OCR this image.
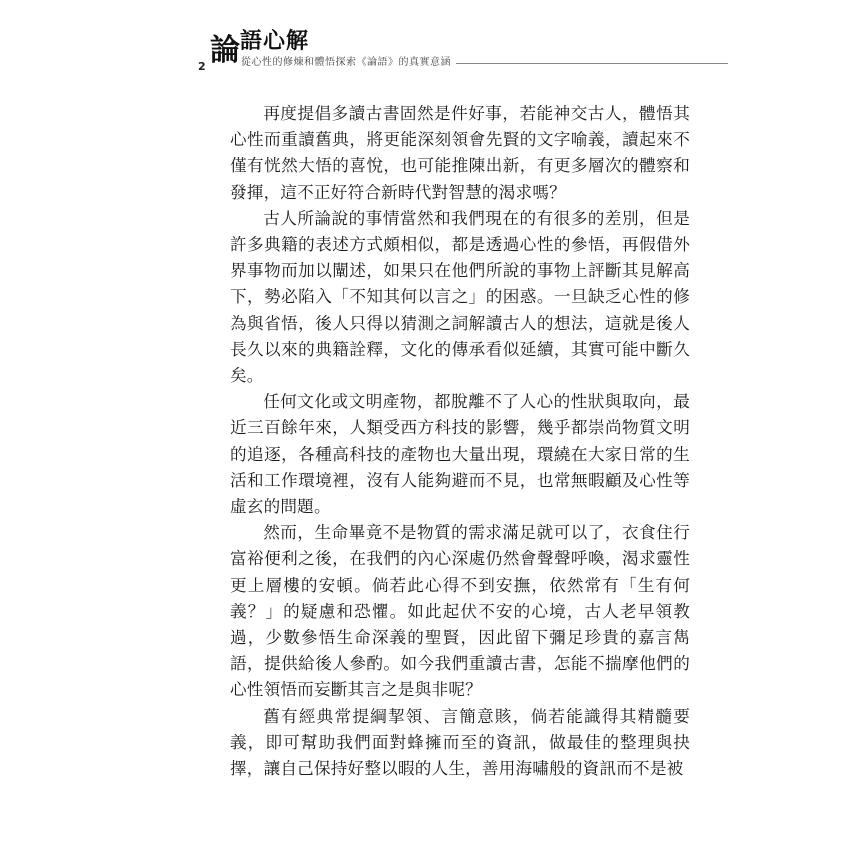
2 論 語心解
從心性的修煉和體悟探索《論語》的真實意涵

再度提倡多讀古書固然是件好事，若能神交古人，體悟其心性而重讀舊典，將更能深刻領會先賢的文字喻義，讀起來不僅有恍然大悟的喜悅，也可能推陳出新，有更多層次的體察和發揮，這不正好符合新時代對智慧的渴求嗎？

古人所論說的事情當然和我們現在的有很多的差別，但是許多典籍的表述方式頗相似，都是透過心性的參悟，再假借外界事物而加以闡述，如果只在他們所說的事物上評斷其見解高下，勢必陷入「不知其何以言之」的困惑。一旦缺乏心性的修為與省悟，後人只得以猜測之詞解讀古人的想法，這就是後人長久以來的典籍詮釋，文化的傳承看似延續，其實可能中斷久矣。

任何文化或文明產物，都脫離不了人心的性狀與取向，最近三百餘年來，人類受西方科技的影響，幾乎都崇尚物質文明的追逐，各種高科技的產物也大量出現，環繞在大家日常的生活和工作環境裡，沒有人能夠避而不見，也常無暇顧及心性等虛玄的問題。

然而，生命畢竟不是物質的需求滿足就可以了，衣食住行富裕便利之後，在我們的內心深處仍然會聲聲呼喚，渴求靈性更上層樓的安頓。倘若此心得不到安撫，依然常有「生有何義？」的疑慮和恐懼。如此起伏不安的心境，古人老早領教過，少數參悟生命深義的聖賢，因此留下彌足珍貴的嘉言雋語，提供給後人參酌。如今我們重讀古書，怎能不揣摩他們的心性領悟而妄斷其言之是與非呢？

舊有經典常提綱挈領、言簡意賅，倘若能識得其精髓要義，即可幫助我們面對蜂擁而至的資訊，做最佳的整理與抉擇，讓自己保持好整以暇的人生，善用海嘯般的資訊而不是被
